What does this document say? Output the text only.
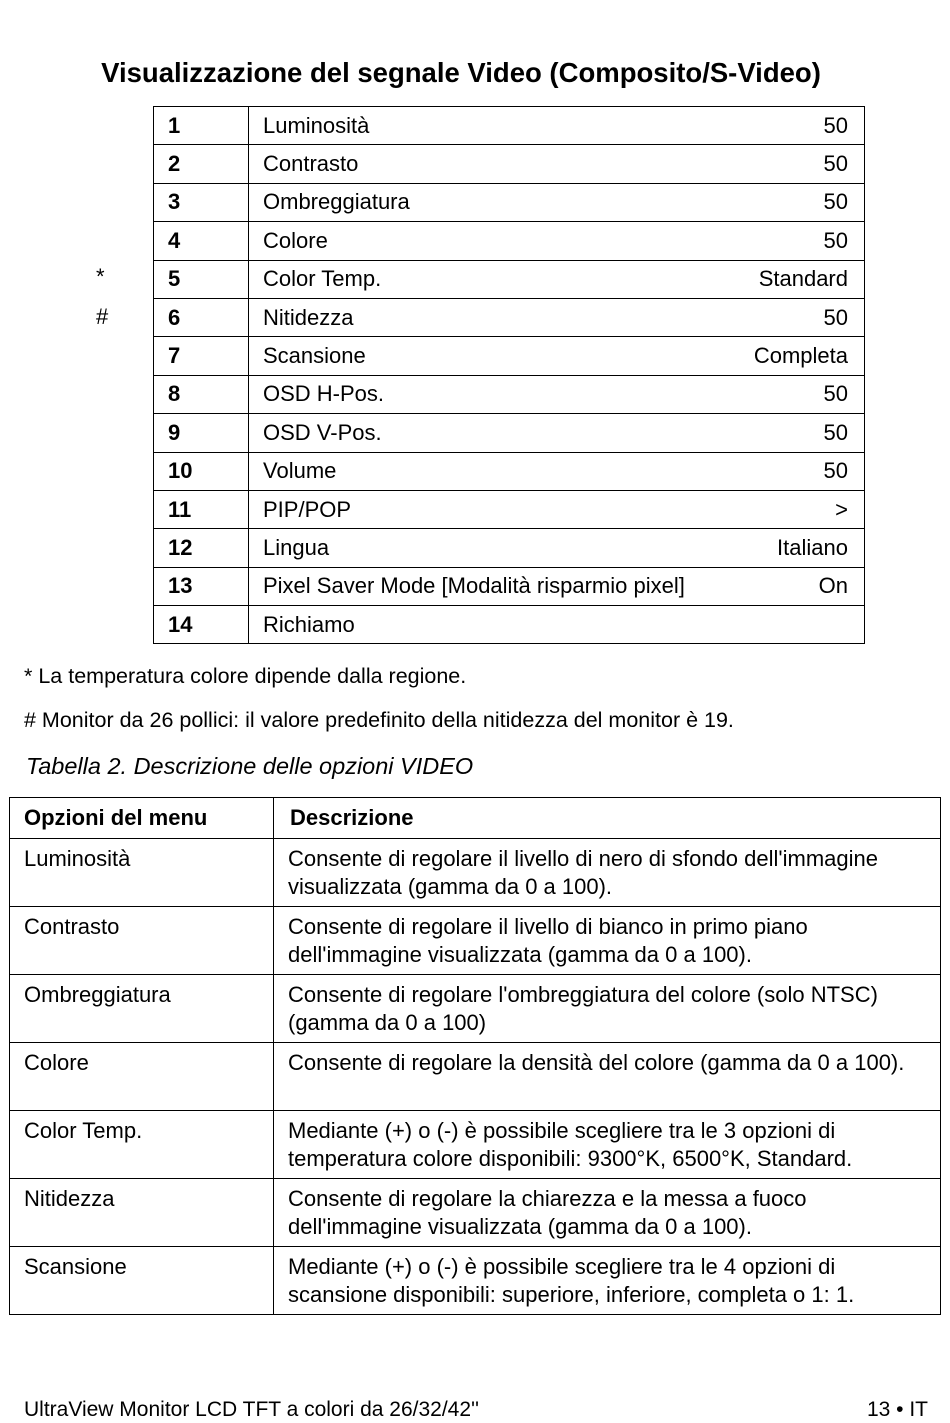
Visualizzazione del segnale Video (Composito/S-Video)
*
#
1	Luminosità 50

2	Contrasto 50

3	Ombreggiatura 50

4	Colore 50

5	Color Temp. Standard

6	Nitidezza 50

7	Scansione Completa

8	OSD H-Pos. 50

9	OSD V-Pos. 50

10	Volume 50

11	PIP/POP >

12	Lingua Italiano

13	Pixel Saver Mode [Modalità risparmio pixel] On

14	Richiamo
* La temperatura colore dipende dalla regione.
# Monitor da 26 pollici: il valore predefinito della nitidezza del monitor è 19.
Tabella 2. Descrizione delle opzioni VIDEO
Opzioni del menu	Descrizione
Luminosità	Consente di regolare il livello di nero di sfondo dell'immagine visualizzata (gamma da 0 a 100).
Contrasto	Consente di regolare il livello di bianco in primo piano dell'immagine visualizzata (gamma da 0 a 100).
Ombreggiatura	Consente di regolare l'ombreggiatura del colore (solo NTSC) (gamma da 0 a 100)
Colore	Consente di regolare la densità del colore (gamma da 0 a 100).
Color Temp.	Mediante (+) o (-) è possibile scegliere tra le 3 opzioni di temperatura colore disponibili: 9300°K, 6500°K, Standard.
Nitidezza	Consente di regolare la chiarezza e la messa a fuoco dell'immagine visualizzata (gamma da 0 a 100).
Scansione	Mediante (+) o (-) è possibile scegliere tra le 4 opzioni di scansione disponibili: superiore, inferiore, completa o 1: 1.
UltraView Monitor LCD TFT a colori da 26/32/42''	13 • IT
